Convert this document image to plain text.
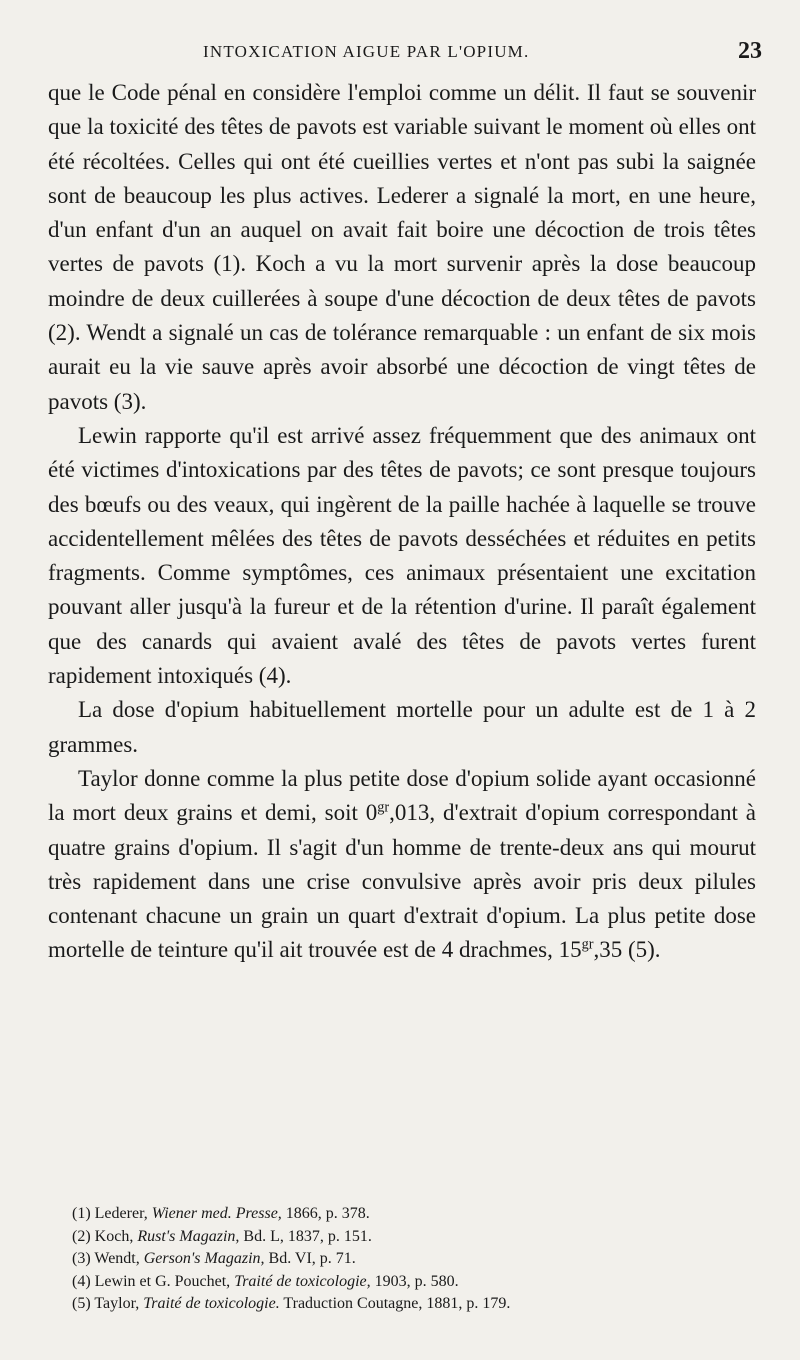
INTOXICATION AIGUE PAR L'OPIUM.	23

que le Code pénal en considère l'emploi comme un délit. Il faut se souvenir que la toxicité des têtes de pavots est variable suivant le moment où elles ont été récoltées. Celles qui ont été cueillies vertes et n'ont pas subi la saignée sont de beaucoup les plus actives. Lederer a signalé la mort, en une heure, d'un enfant d'un an auquel on avait fait boire une décoction de trois têtes vertes de pavots (1). Koch a vu la mort survenir après la dose beaucoup moindre de deux cuillerées à soupe d'une décoction de deux têtes de pavots (2). Wendt a signalé un cas de tolérance remarquable : un enfant de six mois aurait eu la vie sauve après avoir absorbé une décoction de vingt têtes de pavots (3).

Lewin rapporte qu'il est arrivé assez fréquemment que des animaux ont été victimes d'intoxications par des têtes de pavots; ce sont presque toujours des bœufs ou des veaux, qui ingèrent de la paille hachée à laquelle se trouve accidentellement mêlées des têtes de pavots desséchées et réduites en petits fragments. Comme symptômes, ces animaux présentaient une excitation pouvant aller jusqu'à la fureur et de la rétention d'urine. Il paraît également que des canards qui avaient avalé des têtes de pavots vertes furent rapidement intoxiqués (4).

La dose d'opium habituellement mortelle pour un adulte est de 1 à 2 grammes.

Taylor donne comme la plus petite dose d'opium solide ayant occasionné la mort deux grains et demi, soit $0^{gr},013$, d'extrait d'opium correspondant à quatre grains d'opium. Il s'agit d'un homme de trente-deux ans qui mourut très rapidement dans une crise convulsive après avoir pris deux pilules contenant chacune un grain un quart d'extrait d'opium. La plus petite dose mortelle de teinture qu'il ait trouvée est de 4 drachmes, $15^{gr},35$ (5).

(1) Lederer, Wiener med. Presse, 1866, p. 378.

(2) Koch, Rust's Magazin, Bd. L, 1837, p. 151.

(3) Wendt, Gerson's Magazin, Bd. VI, p. 71.

(4) Lewin et G. Pouchet, Traité de toxicologie, 1903, p. 580.

(5) Taylor, Traité de toxicologie. Traduction Coutagne, 1881, p. 179.
